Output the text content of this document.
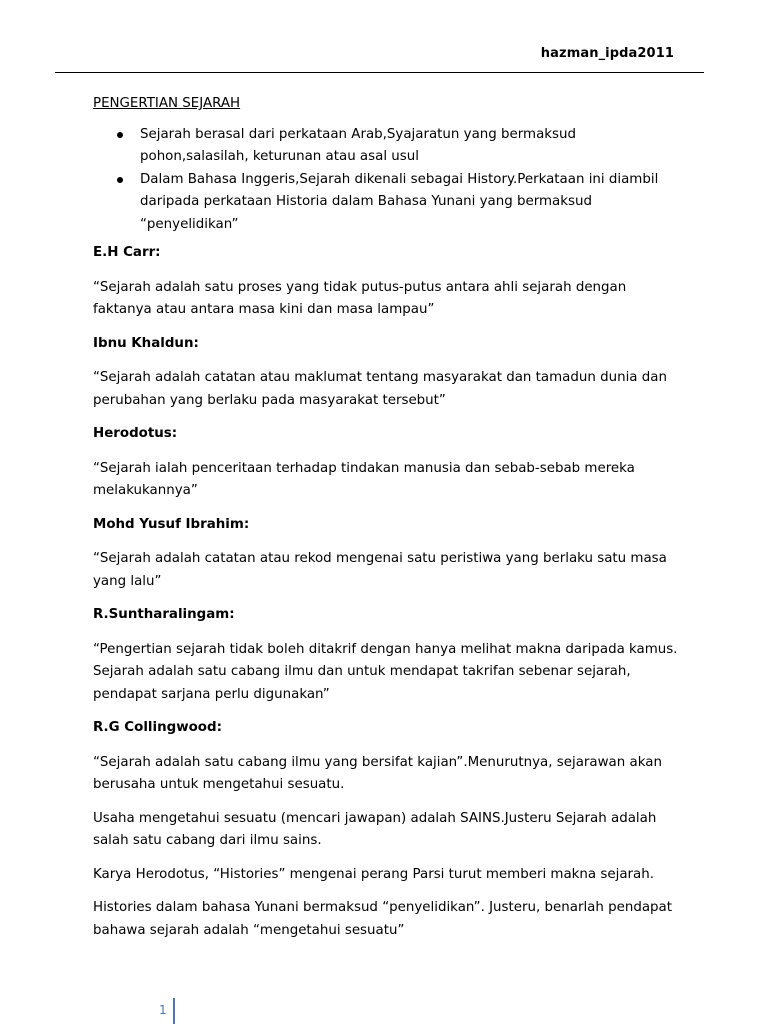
hazman_ipda2011

PENGERTIAN SEJARAH

Sejarah berasal dari perkataan Arab,Syajaratun yang bermaksud pohon,salasilah, keturunan atau asal usul
Dalam Bahasa Inggeris,Sejarah dikenali sebagai History.Perkataan ini diambil daripada perkataan Historia dalam Bahasa Yunani yang bermaksud “penyelidikan”

E.H Carr:

“Sejarah adalah satu proses yang tidak putus-putus antara ahli sejarah dengan faktanya atau antara masa kini dan masa lampau”

Ibnu Khaldun:

“Sejarah adalah catatan atau maklumat tentang masyarakat dan tamadun dunia dan perubahan yang berlaku pada masyarakat tersebut”

Herodotus:

“Sejarah ialah penceritaan terhadap tindakan manusia dan sebab-sebab mereka melakukannya”

Mohd Yusuf Ibrahim:

“Sejarah adalah catatan atau rekod mengenai satu peristiwa yang berlaku satu masa yang lalu”

R.Suntharalingam:

“Pengertian sejarah tidak boleh ditakrif dengan hanya melihat makna daripada kamus. Sejarah adalah satu cabang ilmu dan untuk mendapat takrifan sebenar sejarah, pendapat sarjana perlu digunakan”

R.G Collingwood:

“Sejarah adalah satu cabang ilmu yang bersifat kajian”.Menurutnya, sejarawan akan berusaha untuk mengetahui sesuatu.

Usaha mengetahui sesuatu (mencari jawapan) adalah SAINS.Justeru Sejarah adalah salah satu cabang dari ilmu sains.

Karya Herodotus, “Histories” mengenai perang Parsi turut memberi makna sejarah.

Histories dalam bahasa Yunani bermaksud “penyelidikan”. Justeru, benarlah pendapat bahawa sejarah adalah “mengetahui sesuatu”

1
